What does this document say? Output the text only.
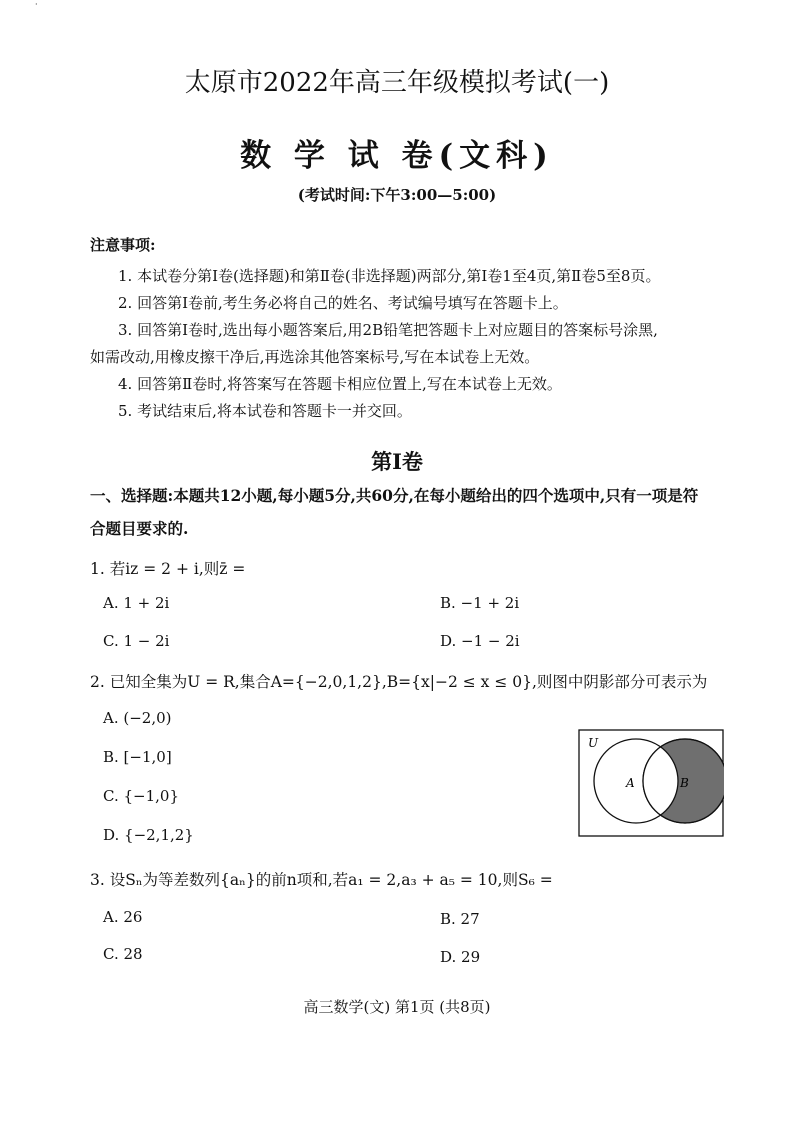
·
太原市2022年高三年级模拟考试(一)
数 学 试 卷(文科)
(考试时间:下午3:00—5:00)
注意事项:
1. 本试卷分第Ⅰ卷(选择题)和第Ⅱ卷(非选择题)两部分,第Ⅰ卷1至4页,第Ⅱ卷5至8页。
2. 回答第Ⅰ卷前,考生务必将自己的姓名、考试编号填写在答题卡上。
3. 回答第Ⅰ卷时,选出每小题答案后,用2B铅笔把答题卡上对应题目的答案标号涂黑,
如需改动,用橡皮擦干净后,再选涂其他答案标号,写在本试卷上无效。
4. 回答第Ⅱ卷时,将答案写在答题卡相应位置上,写在本试卷上无效。
5. 考试结束后,将本试卷和答题卡一并交回。
第Ⅰ卷
一、选择题:本题共12小题,每小题5分,共60分,在每小题给出的四个选项中,只有一项是符
合题目要求的.
1. 若iz = 2 + i,则z̄ =
A. 1 + 2i	B. −1 + 2i
C. 1 − 2i	D. −1 − 2i
2. 已知全集为U = R,集合A={−2,0,1,2},B={x|−2 ≤ x ≤ 0},则图中阴影部分可表示为
A. (−2,0)
B. [−1,0]
C. {−1,0}
D. {−2,1,2}
U
A	B
3. 设Sₙ为等差数列{aₙ}的前n项和,若a₁ = 2,a₃ + a₅ = 10,则S₆ =
A. 26	B. 27
C. 28	D. 29
高三数学(文) 第1页 (共8页)
